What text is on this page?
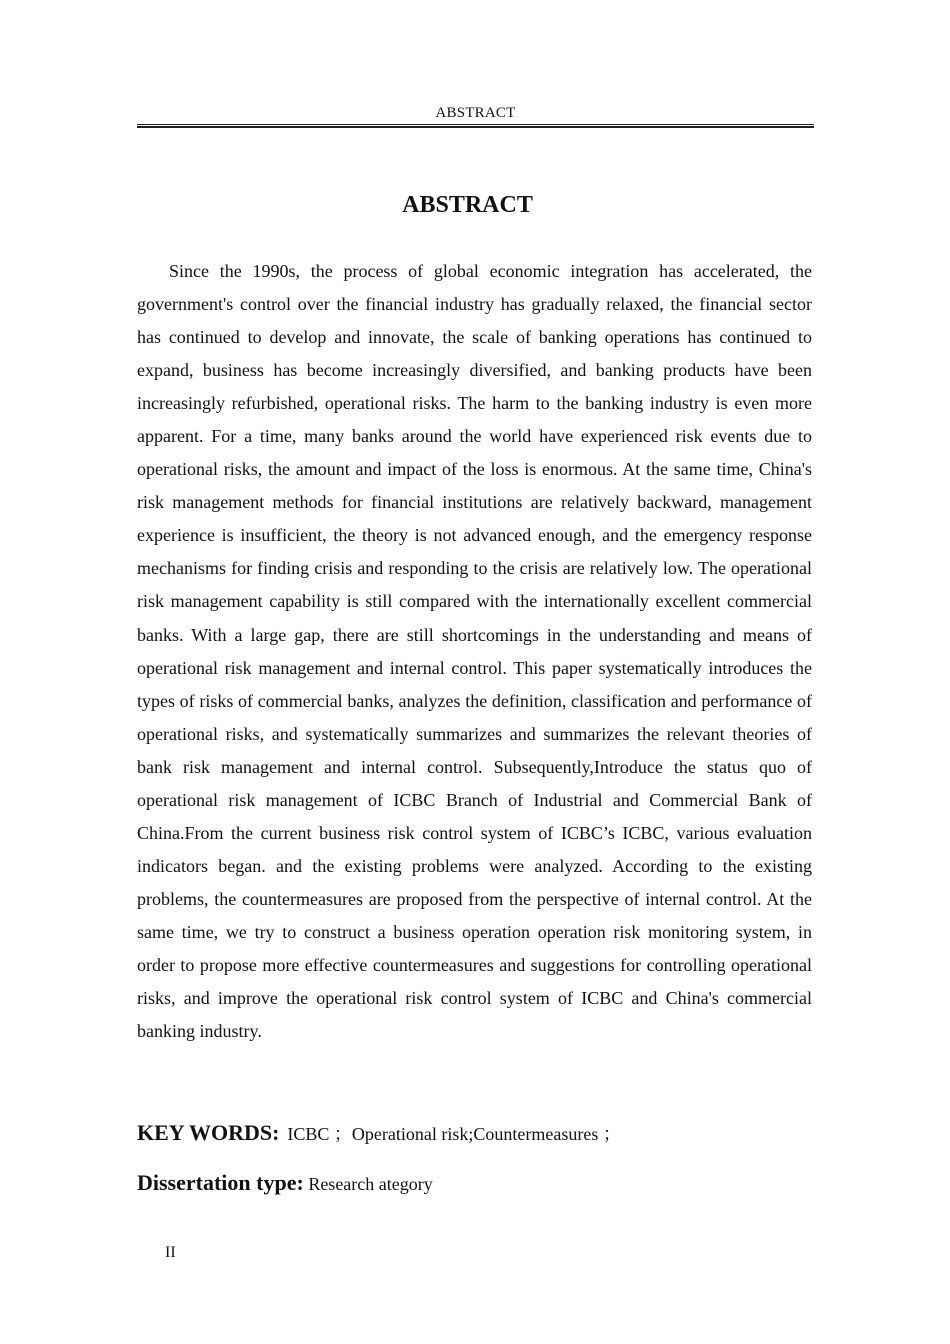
ABSTRACT
ABSTRACT

Since the 1990s, the process of global economic integration has accelerated, the government's control over the financial industry has gradually relaxed, the financial sector has continued to develop and innovate, the scale of banking operations has continued to expand, business has become increasingly diversified, and banking products have been increasingly refurbished, operational risks. The harm to the banking industry is even more apparent. For a time, many banks around the world have experienced risk events due to operational risks, the amount and impact of the loss is enormous. At the same time, China's risk management methods for financial institutions are relatively backward, management experience is insufficient, the theory is not advanced enough, and the emergency response mechanisms for finding crisis and responding to the crisis are relatively low. The operational risk management capability is still compared with the internationally excellent commercial banks. With a large gap, there are still shortcomings in the understanding and means of operational risk management and internal control. This paper systematically introduces the types of risks of commercial banks, analyzes the definition, classification and performance of operational risks, and systematically summarizes and summarizes the relevant theories of bank risk management and internal control. Subsequently,Introduce the status quo of operational risk management of ICBC Branch of Industrial and Commercial Bank of China.From the current business risk control system of ICBC’s ICBC, various evaluation indicators began. and the existing problems were analyzed. According to the existing problems, the countermeasures are proposed from the perspective of internal control. At the same time, we try to construct a business operation operation risk monitoring system, in order to propose more effective countermeasures and suggestions for controlling operational risks, and improve the operational risk control system of ICBC and China's commercial banking industry.

KEY WORDS: ICBC ；Operational risk;Countermeasures ；
Dissertation type: Research ategory
II
